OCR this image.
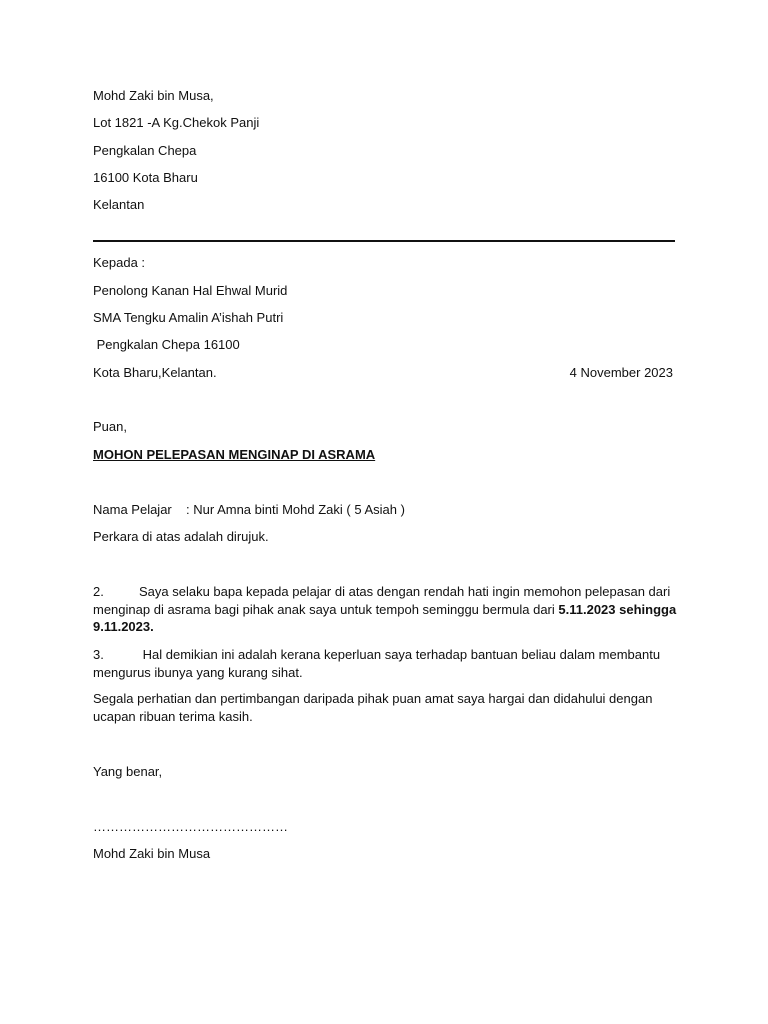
Mohd Zaki bin Musa,
Lot 1821 -A Kg.Chekok Panji
Pengkalan Chepa
16100 Kota Bharu
Kelantan
Kepada :
Penolong Kanan Hal Ehwal Murid
SMA Tengku Amalin A’ishah Putri
Pengkalan Chepa 16100
Kota Bharu,Kelantan.	4 November 2023
Puan,
MOHON PELEPASAN MENGINAP DI ASRAMA
Nama Pelajar : Nur Amna binti Mohd Zaki ( 5 Asiah )
Perkara di atas adalah dirujuk.
2.	Saya selaku bapa kepada pelajar di atas dengan rendah hati ingin memohon pelepasan dari menginap di asrama bagi pihak anak saya untuk tempoh seminggu bermula dari 5.11.2023 sehingga 9.11.2023.
3.	Hal demikian ini adalah kerana keperluan saya terhadap bantuan beliau dalam membantu mengurus ibunya yang kurang sihat.
Segala perhatian dan pertimbangan daripada pihak puan amat saya hargai dan didahului dengan ucapan ribuan terima kasih.
Yang benar,
………………………………………
Mohd Zaki bin Musa
